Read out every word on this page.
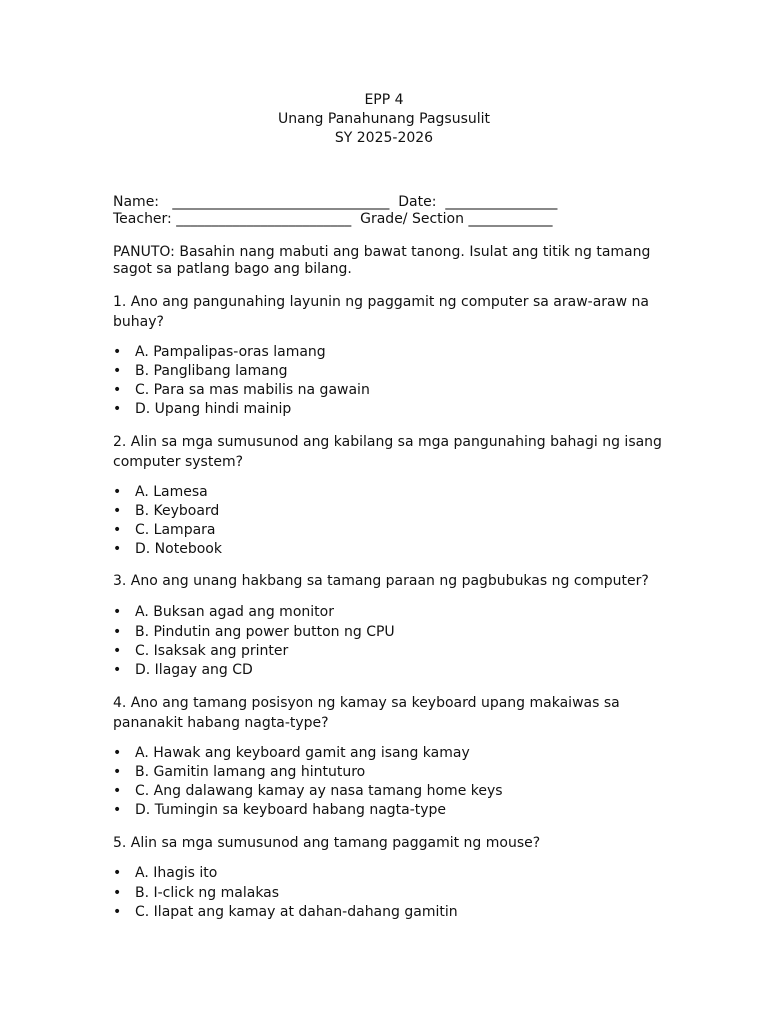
EPP 4
Unang Panahunang Pagsusulit
SY 2025-2026
Name:   _______________________________  Date:  ________________
Teacher: _________________________  Grade/ Section ____________
PANUTO: Basahin nang mabuti ang bawat tanong. Isulat ang titik ng tamang sagot sa patlang bago ang bilang.
1. Ano ang pangunahing layunin ng paggamit ng computer sa araw-araw na buhay?
• A. Pampalipas-oras lamang
• B. Panglibang lamang
• C. Para sa mas mabilis na gawain
• D. Upang hindi mainip
2. Alin sa mga sumusunod ang kabilang sa mga pangunahing bahagi ng isang computer system?
• A. Lamesa
• B. Keyboard
• C. Lampara
• D. Notebook
3. Ano ang unang hakbang sa tamang paraan ng pagbubukas ng computer?
• A. Buksan agad ang monitor
• B. Pindutin ang power button ng CPU
• C. Isaksak ang printer
• D. Ilagay ang CD
4. Ano ang tamang posisyon ng kamay sa keyboard upang makaiwas sa pananakit habang nagta-type?
• A. Hawak ang keyboard gamit ang isang kamay
• B. Gamitin lamang ang hintuturo
• C. Ang dalawang kamay ay nasa tamang home keys
• D. Tumingin sa keyboard habang nagta-type
5. Alin sa mga sumusunod ang tamang paggamit ng mouse?
• A. Ihagis ito
• B. I-click ng malakas
• C. Ilapat ang kamay at dahan-dahang gamitin
